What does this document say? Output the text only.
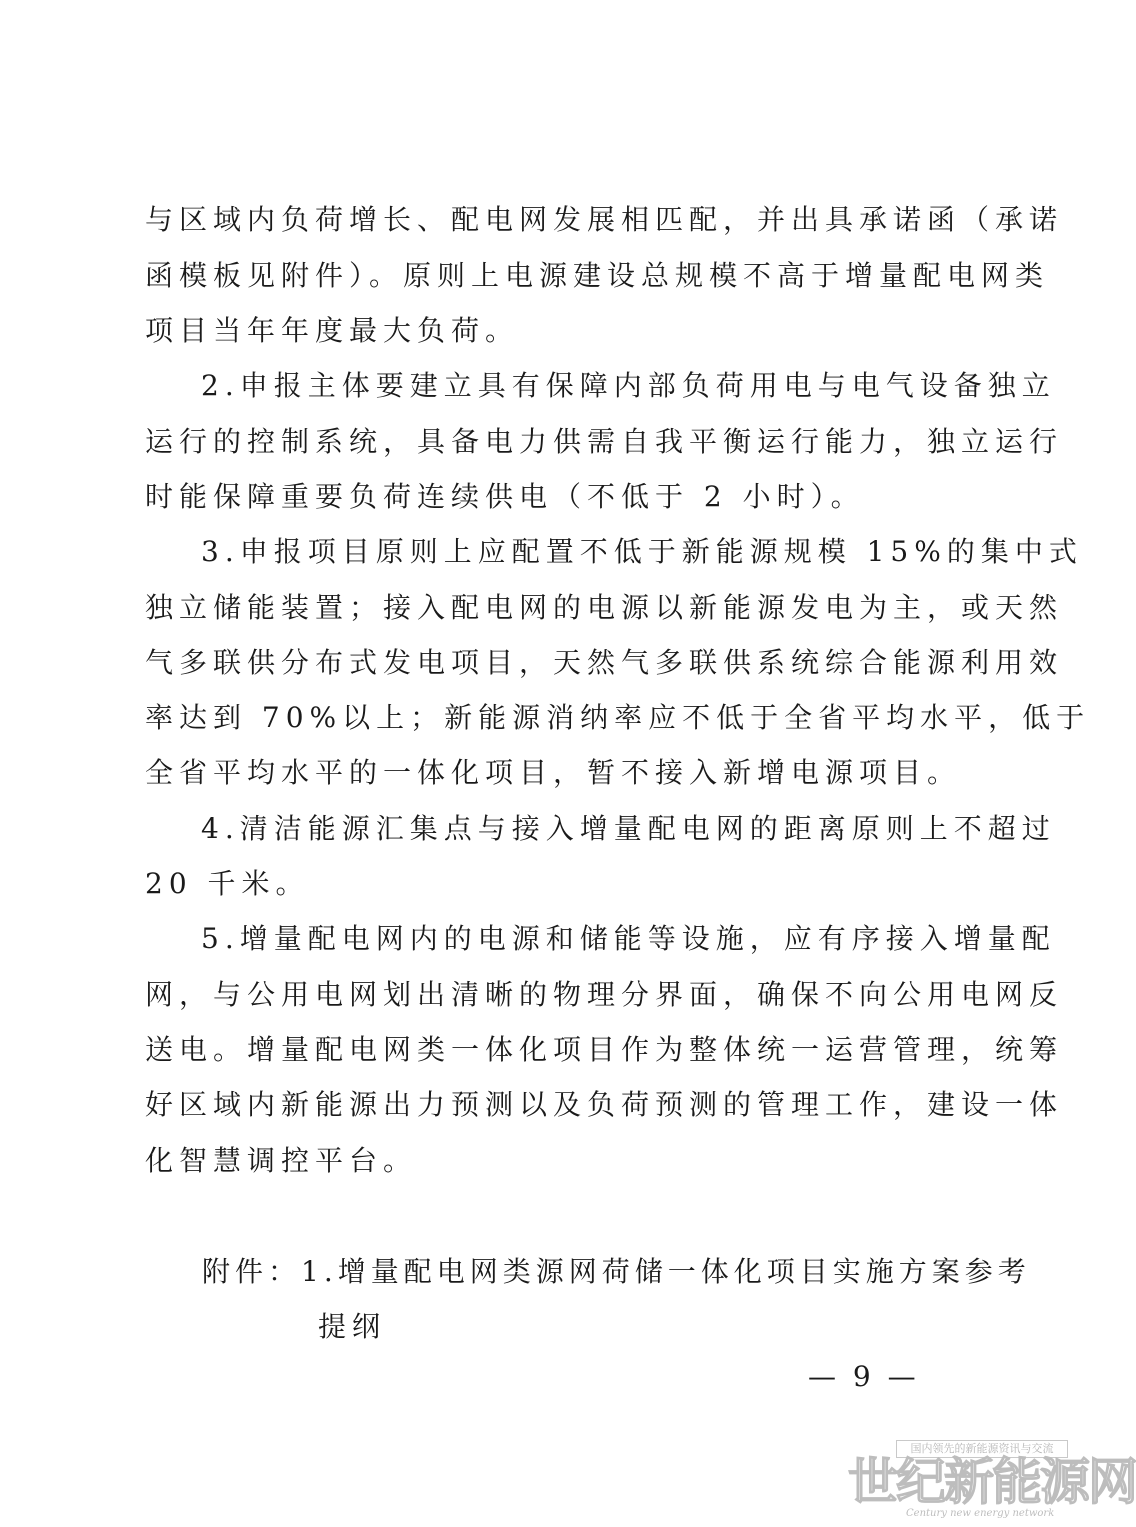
与区域内负荷增长、配电网发展相匹配，并出具承诺函（承诺
函模板见附件）。原则上电源建设总规模不高于增量配电网类
项目当年年度最大负荷。
2.申报主体要建立具有保障内部负荷用电与电气设备独立
运行的控制系统，具备电力供需自我平衡运行能力，独立运行
时能保障重要负荷连续供电（不低于 2 小时）。
3.申报项目原则上应配置不低于新能源规模 15%的集中式
独立储能装置；接入配电网的电源以新能源发电为主，或天然
气多联供分布式发电项目，天然气多联供系统综合能源利用效
率达到 70%以上；新能源消纳率应不低于全省平均水平，低于
全省平均水平的一体化项目，暂不接入新增电源项目。
4.清洁能源汇集点与接入增量配电网的距离原则上不超过
20 千米。
5.增量配电网内的电源和储能等设施，应有序接入增量配
网，与公用电网划出清晰的物理分界面，确保不向公用电网反
送电。增量配电网类一体化项目作为整体统一运营管理，统筹
好区域内新能源出力预测以及负荷预测的管理工作，建设一体
化智慧调控平台。
附件：1.增量配电网类源网荷储一体化项目实施方案参考
提纲
— 9 —
国内领先的新能源资讯与交流
世纪新能源网
Century new energy network
